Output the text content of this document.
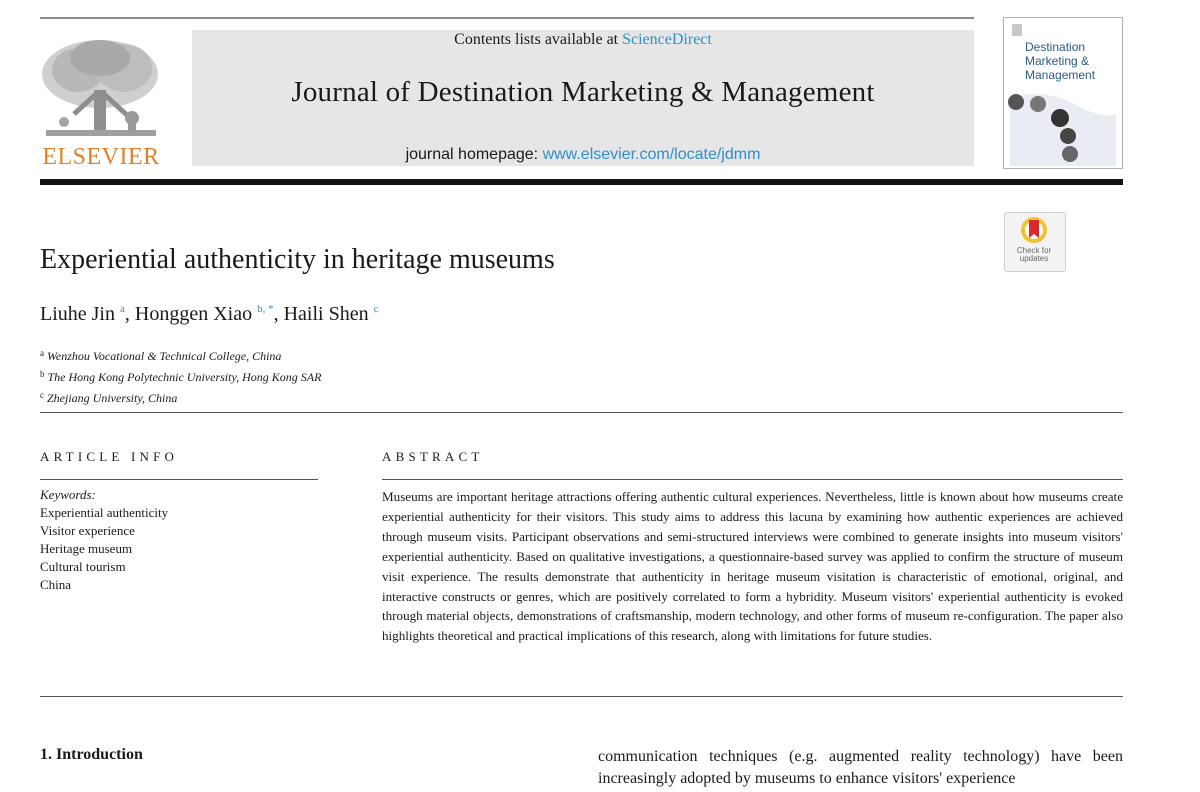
ELSEVIER
Contents lists available at ScienceDirect
Journal of Destination Marketing & Management
journal homepage: www.elsevier.com/locate/jdmm
Destination
Marketing &
Management
Check for
updates
Experiential authenticity in heritage museums
Liuhe Jin $^a$, Honggen Xiao $^{b, *}$, Haili Shen $^c$
$^a$ Wenzhou Vocational & Technical College, China
$^b$ The Hong Kong Polytechnic University, Hong Kong SAR
$^c$ Zhejiang University, China
ARTICLE INFO
Keywords:
Experiential authenticity
Visitor experience
Heritage museum
Cultural tourism
China
ABSTRACT
Museums are important heritage attractions offering authentic cultural experiences. Nevertheless, little is known about how museums create experiential authenticity for their visitors. This study aims to address this lacuna by examining how authentic experiences are achieved through museum visits. Participant observations and semi-structured interviews were combined to generate insights into museum visitors' experiential authenticity. Based on qualitative investigations, a questionnaire-based survey was applied to confirm the structure of museum visit experience. The results demonstrate that authenticity in heritage museum visitation is characteristic of emotional, original, and interactive constructs or genres, which are positively correlated to form a hybridity. Museum visitors' experiential authenticity is evoked through material objects, demonstrations of craftsmanship, modern technology, and other forms of museum re-configuration. The paper also highlights theoretical and practical implications of this research, along with limitations for future studies.
1. Introduction	communication techniques (e.g. augmented reality technology) have been increasingly adopted by museums to enhance visitors' experience
